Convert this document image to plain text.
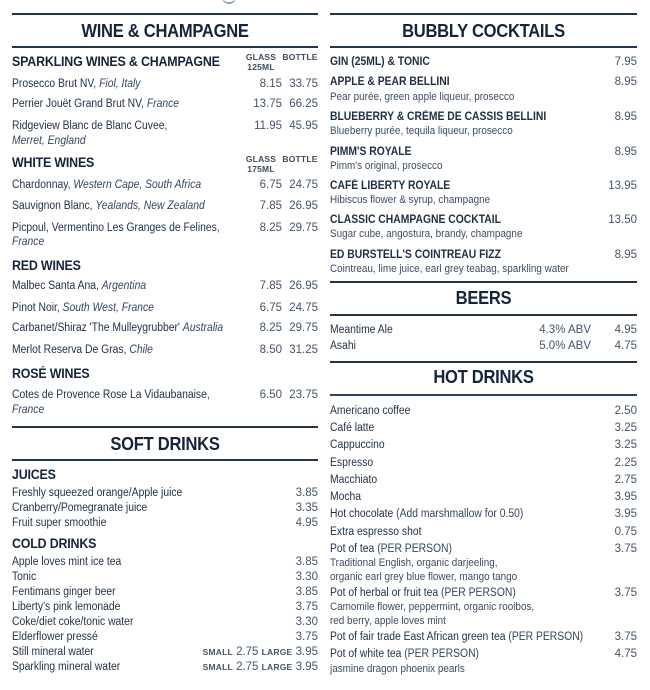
WINE & CHAMPAGNE
SPARKLING WINES & CHAMPAGNE	GLASS
125ML
BOTTLE
Prosecco Brut NV, Fiol, Italy	8.15 33.75
Perrier Jouët Grand Brut NV, France	13.75 66.25
Ridgeview Blanc de Blanc Cuvee,	11.95 45.95
Merret, England
WHITE WINES	GLASS
175ML
BOTTLE
Chardonnay, Western Cape, South Africa	6.75 24.75
Sauvignon Blanc, Yealands, New Zealand	7.85 26.95
Picpoul, Vermentino Les Granges de Felines,	8.25 29.75
France
RED WINES
Malbec Santa Ana, Argentina	7.85 26.95
Pinot Noir, South West, France	6.75 24.75
Carbanet/Shiraz 'The Mulleygrubber' Australia	8.25 29.75
Merlot Reserva De Gras, Chile	8.50 31.25
ROSÉ WINES
Cotes de Provence Rose La Vidaubanaise,	6.50 23.75
France
SOFT DRINKS
JUICES
Freshly squeezed orange/Apple juice	3.85
Cranberry/Pomegranate juice	3.35
Fruit super smoothie	4.95
COLD DRINKS
Apple loves mint ice tea	3.85
Tonic	3.30
Fentimans ginger beer	3.85
Liberty's pink lemonade	3.75
Coke/diet coke/tonic water	3.30
Elderflower pressé	3.75
Still mineral water	SMALL 2.75 LARGE 3.95
Sparkling mineral water	SMALL 2.75 LARGE 3.95
BUBBLY COCKTAILS
GIN (25ML) & TONIC	7.95
APPLE & PEAR BELLINI	8.95
Pear purée, green apple liqueur, prosecco
BLUEBERRY & CRÈME DE CASSIS BELLINI	8.95
Blueberry purée, tequila liqueur, prosecco
PIMM'S ROYALE	8.95
Pimm's original, prosecco
CAFÉ LIBERTY ROYALE	13.95
Hibiscus flower & syrup, champagne
CLASSIC CHAMPAGNE COCKTAIL	13.50
Sugar cube, angostura, brandy, champagne
ED BURSTELL'S COINTREAU FIZZ	8.95
Cointreau, lime juice, earl grey teabag, sparkling water
BEERS
Meantime Ale	4.3% ABV 4.95
Asahi	5.0% ABV 4.75
HOT DRINKS
Americano coffee	2.50
Café latte	3.25
Cappuccino	3.25
Espresso	2.25
Macchiato	2.75
Mocha	3.95
Hot chocolate (Add marshmallow for 0.50)	3.95
Extra espresso shot	0.75
Pot of tea (PER PERSON)	3.75
Traditional English, organic darjeeling,
organic earl grey blue flower, mango tango
Pot of herbal or fruit tea (PER PERSON)	3.75
Camomile flower, peppermint, organic rooibos,
red berry, apple loves mint
Pot of fair trade East African green tea (PER PERSON)	3.75
Pot of white tea (PER PERSON)	4.75
jasmine dragon phoenix pearls
